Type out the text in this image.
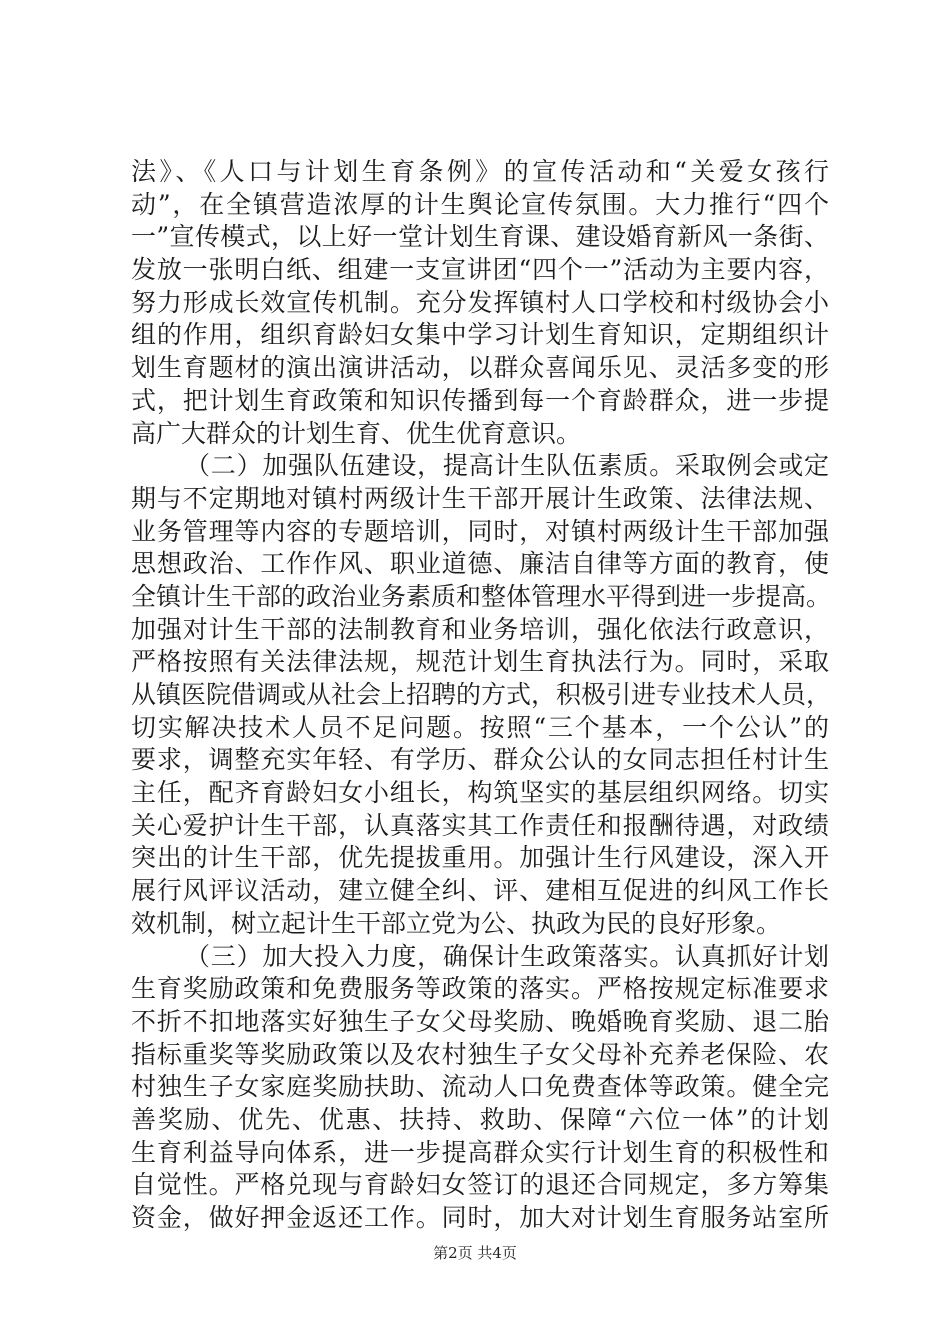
法》、《人口与计划生育条例》的宣传活动和“关爱女孩行
动”，在全镇营造浓厚的计生舆论宣传氛围。大力推行“四个
一”宣传模式，以上好一堂计划生育课、建设婚育新风一条街、
发放一张明白纸、组建一支宣讲团“四个一”活动为主要内容，
努力形成长效宣传机制。充分发挥镇村人口学校和村级协会小
组的作用，组织育龄妇女集中学习计划生育知识，定期组织计
划生育题材的演出演讲活动，以群众喜闻乐见、灵活多变的形
式，把计划生育政策和知识传播到每一个育龄群众，进一步提
高广大群众的计划生育、优生优育意识。
（二）加强队伍建设，提高计生队伍素质。采取例会或定
期与不定期地对镇村两级计生干部开展计生政策、法律法规、
业务管理等内容的专题培训，同时，对镇村两级计生干部加强
思想政治、工作作风、职业道德、廉洁自律等方面的教育，使
全镇计生干部的政治业务素质和整体管理水平得到进一步提高。
加强对计生干部的法制教育和业务培训，强化依法行政意识，
严格按照有关法律法规，规范计划生育执法行为。同时，采取
从镇医院借调或从社会上招聘的方式，积极引进专业技术人员，
切实解决技术人员不足问题。按照“三个基本，一个公认”的
要求，调整充实年轻、有学历、群众公认的女同志担任村计生
主任，配齐育龄妇女小组长，构筑坚实的基层组织网络。切实
关心爱护计生干部，认真落实其工作责任和报酬待遇，对政绩
突出的计生干部，优先提拔重用。加强计生行风建设，深入开
展行风评议活动，建立健全纠、评、建相互促进的纠风工作长
效机制，树立起计生干部立党为公、执政为民的良好形象。
（三）加大投入力度，确保计生政策落实。认真抓好计划
生育奖励政策和免费服务等政策的落实。严格按规定标准要求
不折不扣地落实好独生子女父母奖励、晚婚晚育奖励、退二胎
指标重奖等奖励政策以及农村独生子女父母补充养老保险、农
村独生子女家庭奖励扶助、流动人口免费查体等政策。健全完
善奖励、优先、优惠、扶持、救助、保障“六位一体”的计划
生育利益导向体系，进一步提高群众实行计划生育的积极性和
自觉性。严格兑现与育龄妇女签订的退还合同规定，多方筹集
资金，做好押金返还工作。同时，加大对计划生育服务站室所
第2页 共4页
